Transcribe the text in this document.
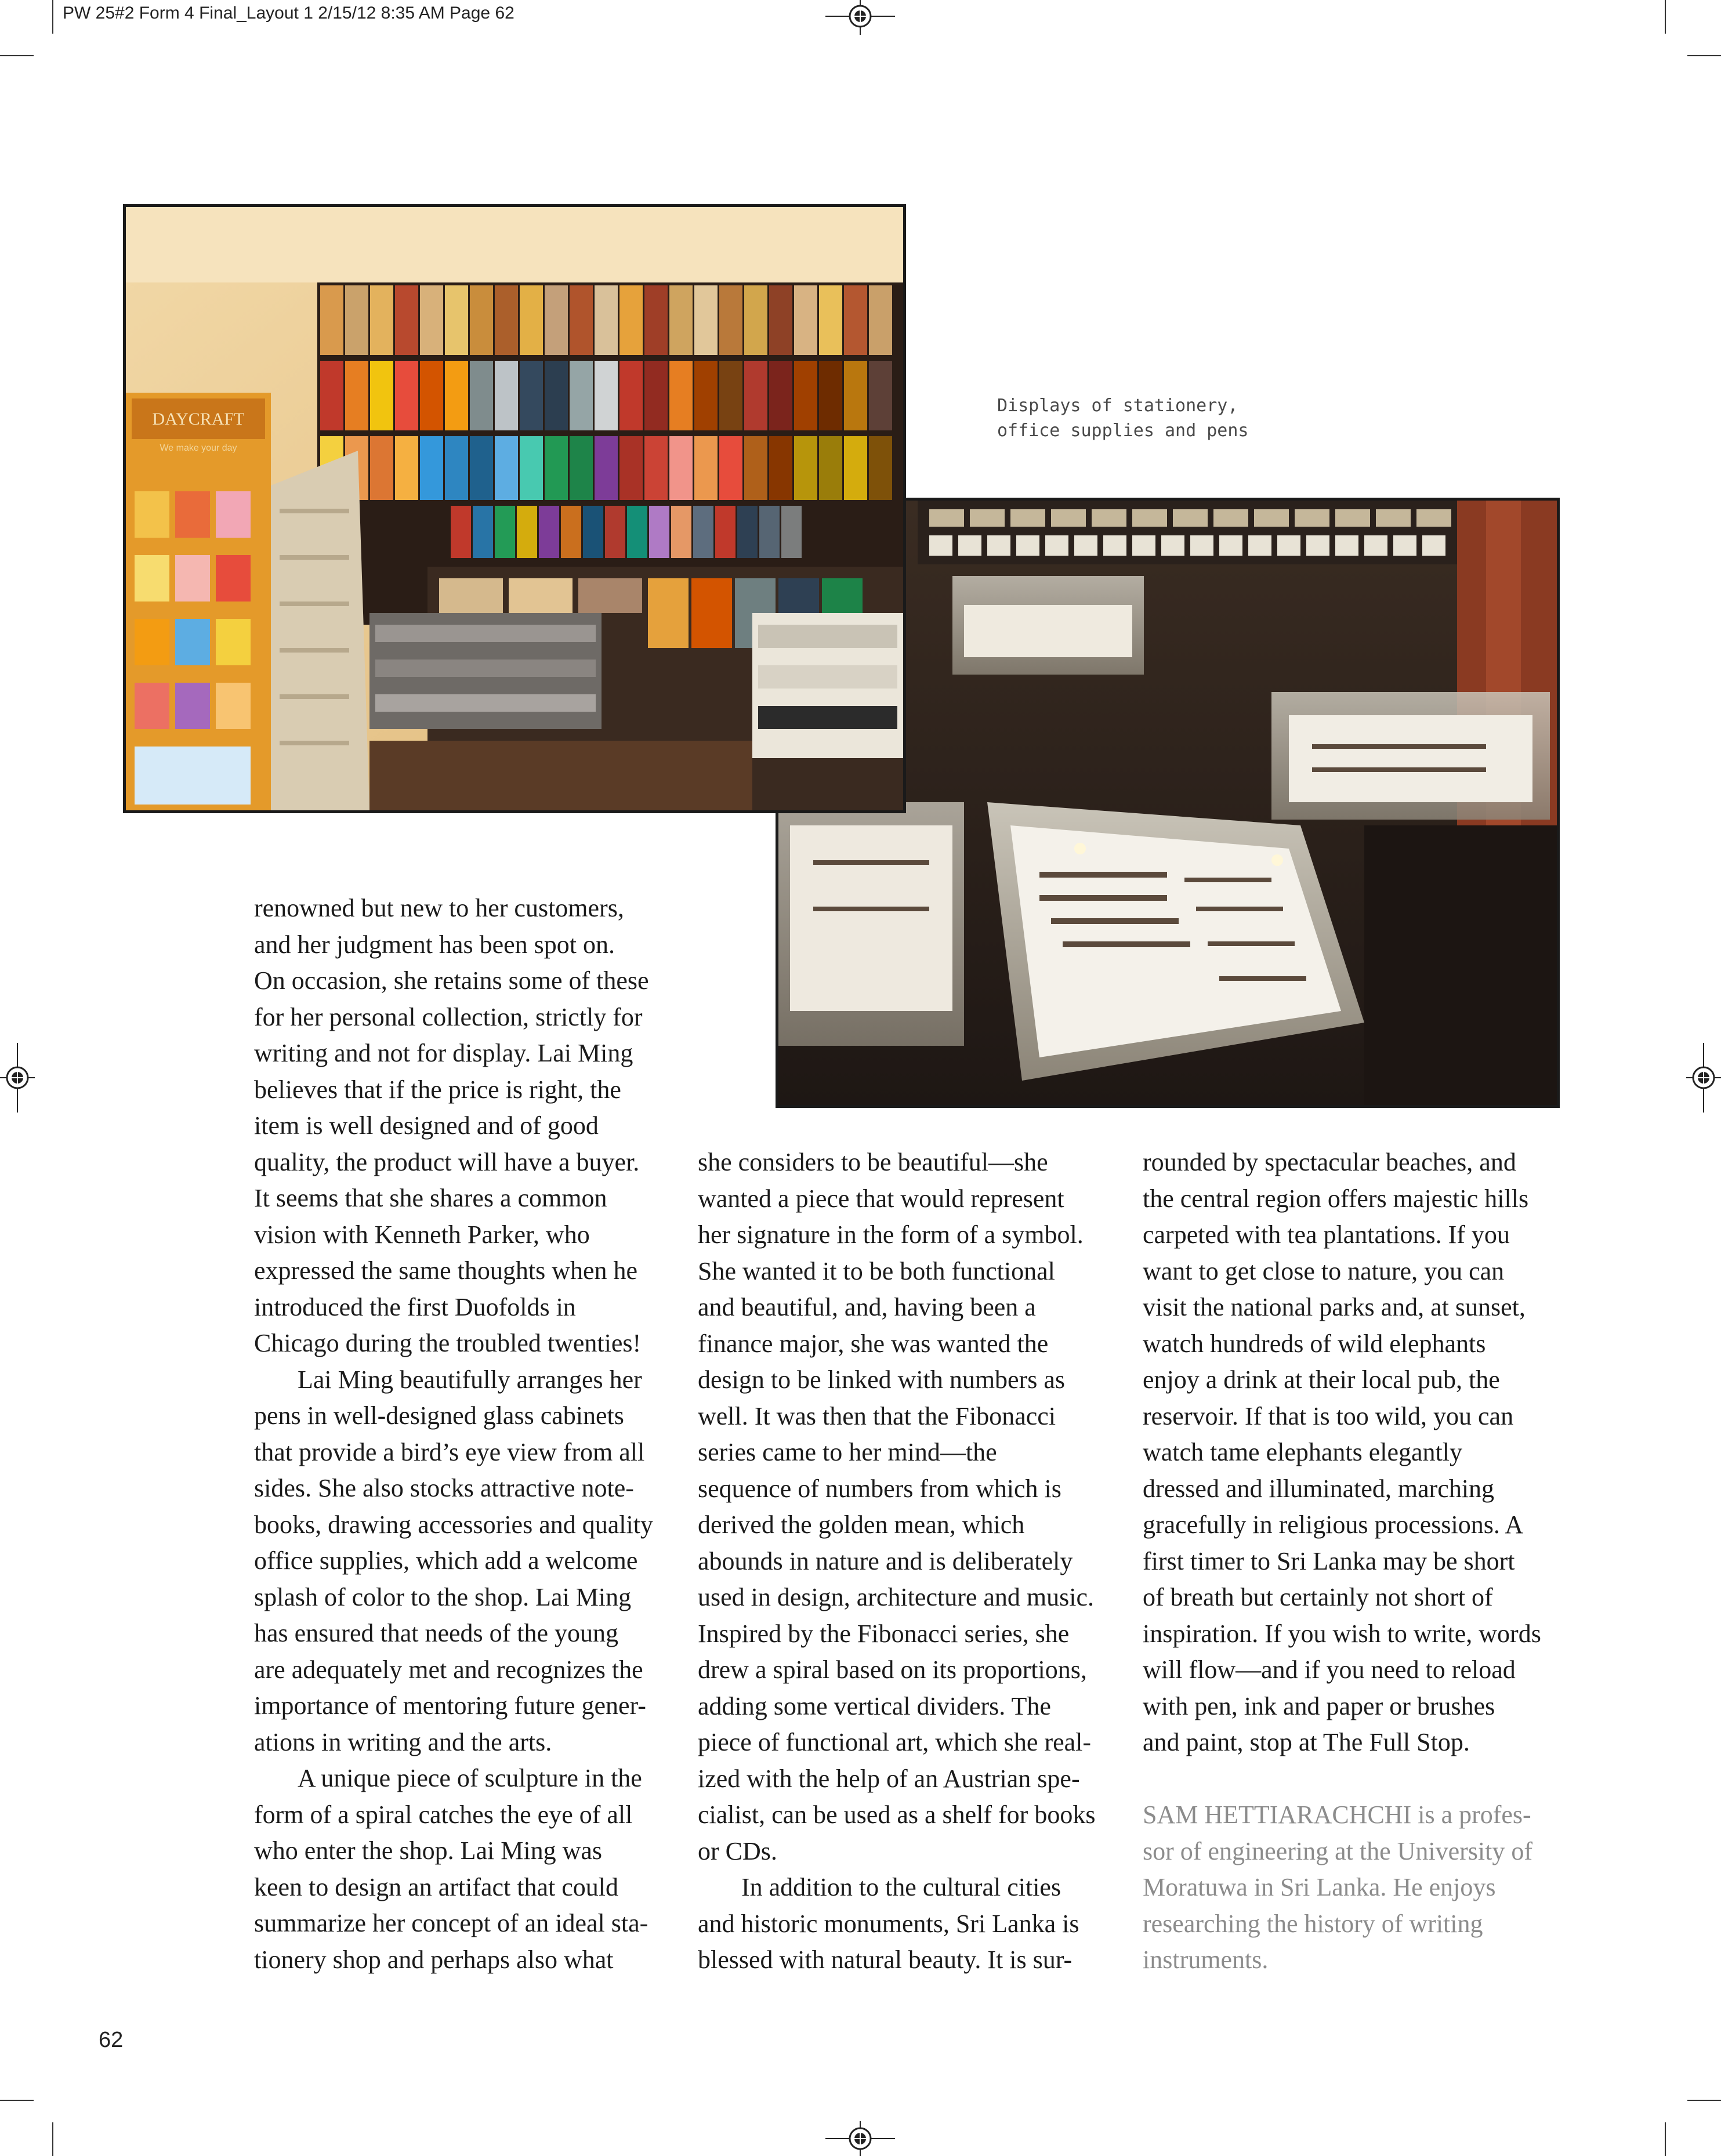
PW 25#2 Form 4 Final_Layout 1 2/15/12 8:35 AM Page 62
DAYCRAFT
We make your day
Displays of stationery,
office supplies and pens
renowned but new to her customers,
and her judgment has been spot on.
On occasion, she retains some of these
for her personal collection, strictly for
writing and not for display. Lai Ming
believes that if the price is right, the
item is well designed and of good
quality, the product will have a buyer.
It seems that she shares a common
vision with Kenneth Parker, who
expressed the same thoughts when he
introduced the first Duofolds in
Chicago during the troubled twenties!
Lai Ming beautifully arranges her
pens in well-designed glass cabinets
that provide a bird’s eye view from all
sides. She also stocks attractive note-
books, drawing accessories and quality
office supplies, which add a welcome
splash of color to the shop. Lai Ming
has ensured that needs of the young
are adequately met and recognizes the
importance of mentoring future gener-
ations in writing and the arts.
A unique piece of sculpture in the
form of a spiral catches the eye of all
who enter the shop. Lai Ming was
keen to design an artifact that could
summarize her concept of an ideal sta-
tionery shop and perhaps also what
she considers to be beautiful—she
wanted a piece that would represent
her signature in the form of a symbol.
She wanted it to be both functional
and beautiful, and, having been a
finance major, she was wanted the
design to be linked with numbers as
well. It was then that the Fibonacci
series came to her mind—the
sequence of numbers from which is
derived the golden mean, which
abounds in nature and is deliberately
used in design, architecture and music.
Inspired by the Fibonacci series, she
drew a spiral based on its proportions,
adding some vertical dividers. The
piece of functional art, which she real-
ized with the help of an Austrian spe-
cialist, can be used as a shelf for books
or CDs.
In addition to the cultural cities
and historic monuments, Sri Lanka is
blessed with natural beauty. It is sur-
rounded by spectacular beaches, and
the central region offers majestic hills
carpeted with tea plantations. If you
want to get close to nature, you can
visit the national parks and, at sunset,
watch hundreds of wild elephants
enjoy a drink at their local pub, the
reservoir. If that is too wild, you can
watch tame elephants elegantly
dressed and illuminated, marching
gracefully in religious processions. A
first timer to Sri Lanka may be short
of breath but certainly not short of
inspiration. If you wish to write, words
will flow—and if you need to reload
with pen, ink and paper or brushes
and paint, stop at The Full Stop.
SAM HETTIARACHCHI is a profes-
sor of engineering at the University of
Moratuwa in Sri Lanka. He enjoys
researching the history of writing
instruments.
62
